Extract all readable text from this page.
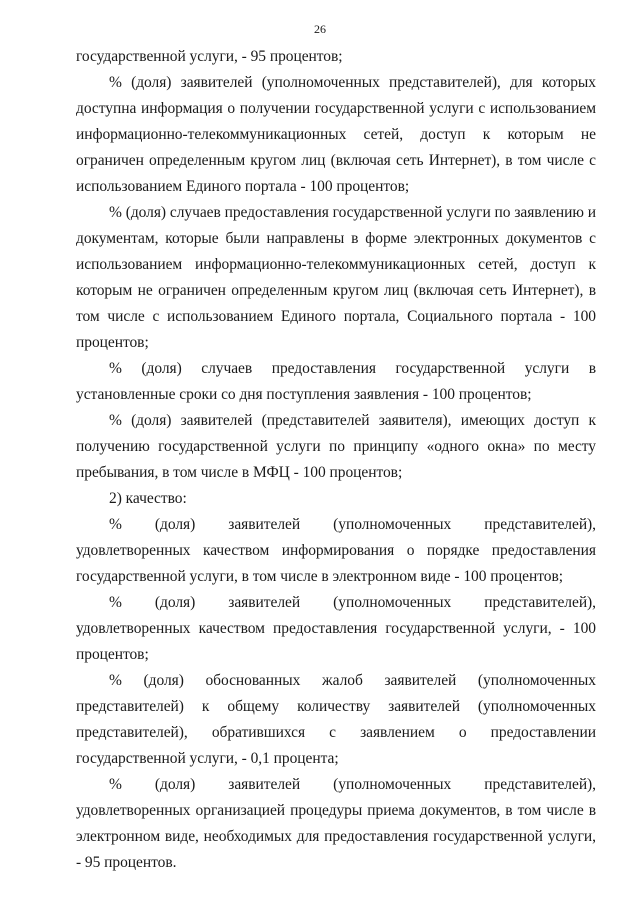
26

государственной услуги, - 95 процентов;

% (доля) заявителей (уполномоченных представителей), для которых доступна информация о получении государственной услуги с использованием информационно-телекоммуникационных сетей, доступ к которым не ограничен определенным кругом лиц (включая сеть Интернет), в том числе с использованием Единого портала - 100 процентов;

% (доля) случаев предоставления государственной услуги по заявлению и документам, которые были направлены в форме электронных документов с использованием информационно-телекоммуникационных сетей, доступ к которым не ограничен определенным кругом лиц (включая сеть Интернет), в том числе с использованием Единого портала, Социального портала - 100 процентов;

% (доля) случаев предоставления государственной услуги в установленные сроки со дня поступления заявления - 100 процентов;

% (доля) заявителей (представителей заявителя), имеющих доступ к получению государственной услуги по принципу «одного окна» по месту пребывания, в том числе в МФЦ - 100 процентов;

2) качество:

% (доля) заявителей (уполномоченных представителей), удовлетворенных качеством информирования о порядке предоставления государственной услуги, в том числе в электронном виде - 100 процентов;

% (доля) заявителей (уполномоченных представителей), удовлетворенных качеством предоставления государственной услуги, - 100 процентов;

% (доля) обоснованных жалоб заявителей (уполномоченных представителей) к общему количеству заявителей (уполномоченных представителей), обратившихся с заявлением о предоставлении государственной услуги, - 0,1 процента;

% (доля) заявителей (уполномоченных представителей), удовлетворенных организацией процедуры приема документов, в том числе в электронном виде, необходимых для предоставления государственной услуги, - 95 процентов.
